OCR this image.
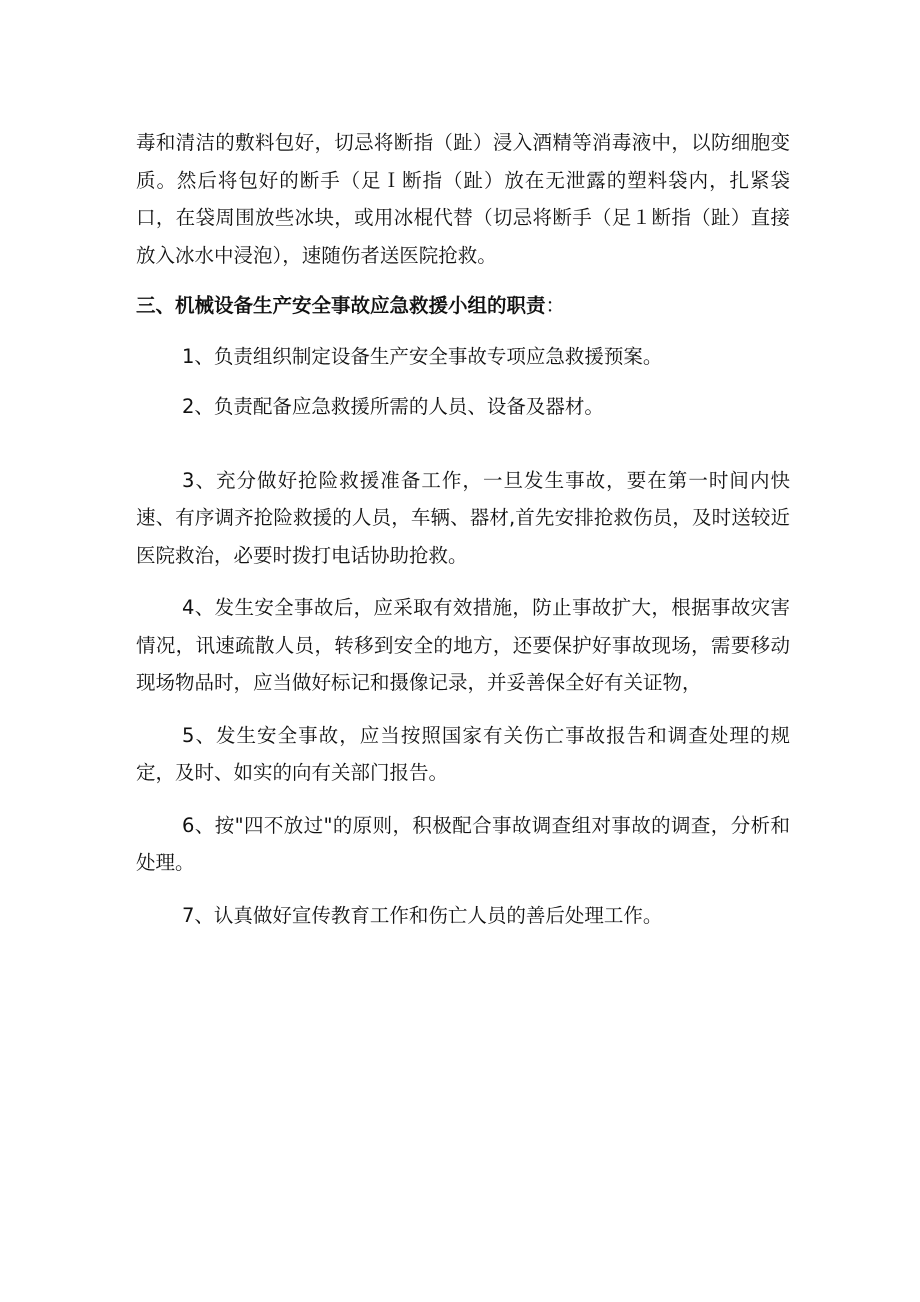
毒和清洁的敷料包好，切忌将断指（趾）浸入酒精等消毒液中，以防细胞变质。然后将包好的断手（足Ｉ断指（趾）放在无泄露的塑料袋内，扎紧袋口，在袋周围放些冰块，或用冰棍代替（切忌将断手（足１断指（趾）直接放入冰水中浸泡），速随伤者送医院抢救。

三、机械设备生产安全事故应急救援小组的职责：

1、负责组织制定设备生产安全事故专项应急救援预案。

2、负责配备应急救援所需的人员、设备及器材。

3、充分做好抢险救援准备工作，一旦发生事故，要在第一时间内快速、有序调齐抢险救援的人员，车辆、器材,首先安排抢救伤员，及时送较近医院救治，必要时拨打电话协助抢救。

4、发生安全事故后，应采取有效措施，防止事故扩大，根据事故灾害情况，讯速疏散人员，转移到安全的地方，还要保护好事故现场，需要移动现场物品时，应当做好标记和摄像记录，并妥善保全好有关证物，

5、发生安全事故，应当按照国家有关伤亡事故报告和调查处理的规定，及时、如实的向有关部门报告。

6、按"四不放过"的原则，积极配合事故调查组对事故的调查，分析和处理。

7、认真做好宣传教育工作和伤亡人员的善后处理工作。
